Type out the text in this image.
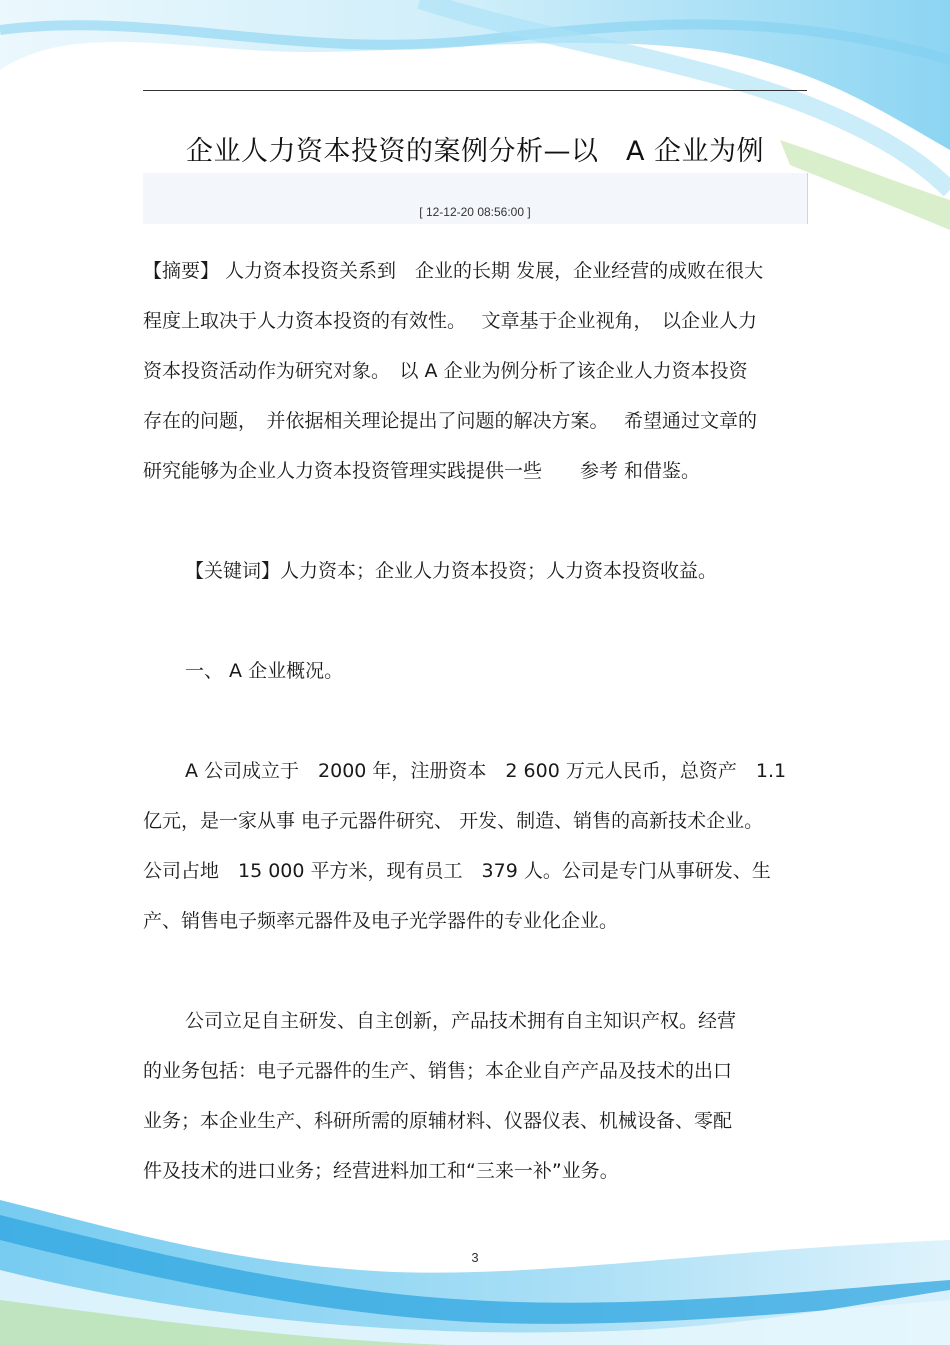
企业人力资本投资的案例分析—以　A 企业为例
[ 12-12-20 08:56:00 ]
【摘要】 人力资本投资关系到　企业的长期 发展，企业经营的成败在很大
程度上取决于人力资本投资的有效性。　 文章基于企业视角，　以企业人力
资本投资活动作为研究对象。　以 A 企业为例分析了该企业人力资本投资
存在的问题，　并依据相关理论提出了问题的解决方案。　 希望通过文章的
研究能够为企业人力资本投资管理实践提供一些　　参考 和借鉴。
【关键词】人力资本；企业人力资本投资；人力资本投资收益。
一、 A 企业概况。
A 公司成立于　2000 年，注册资本　2 600 万元人民币，总资产　1.1
亿元，是一家从事 电子元器件研究、 开发、制造、销售的高新技术企业。
公司占地　15 000 平方米，现有员工　379 人。公司是专门从事研发、生
产、销售电子频率元器件及电子光学器件的专业化企业。
公司立足自主研发、自主创新，产品技术拥有自主知识产权。经营
的业务包括：电子元器件的生产、销售；本企业自产产品及技术的出口
业务；本企业生产、科研所需的原辅材料、仪器仪表、机械设备、零配
件及技术的进口业务；经营进料加工和“三来一补”业务。
3
